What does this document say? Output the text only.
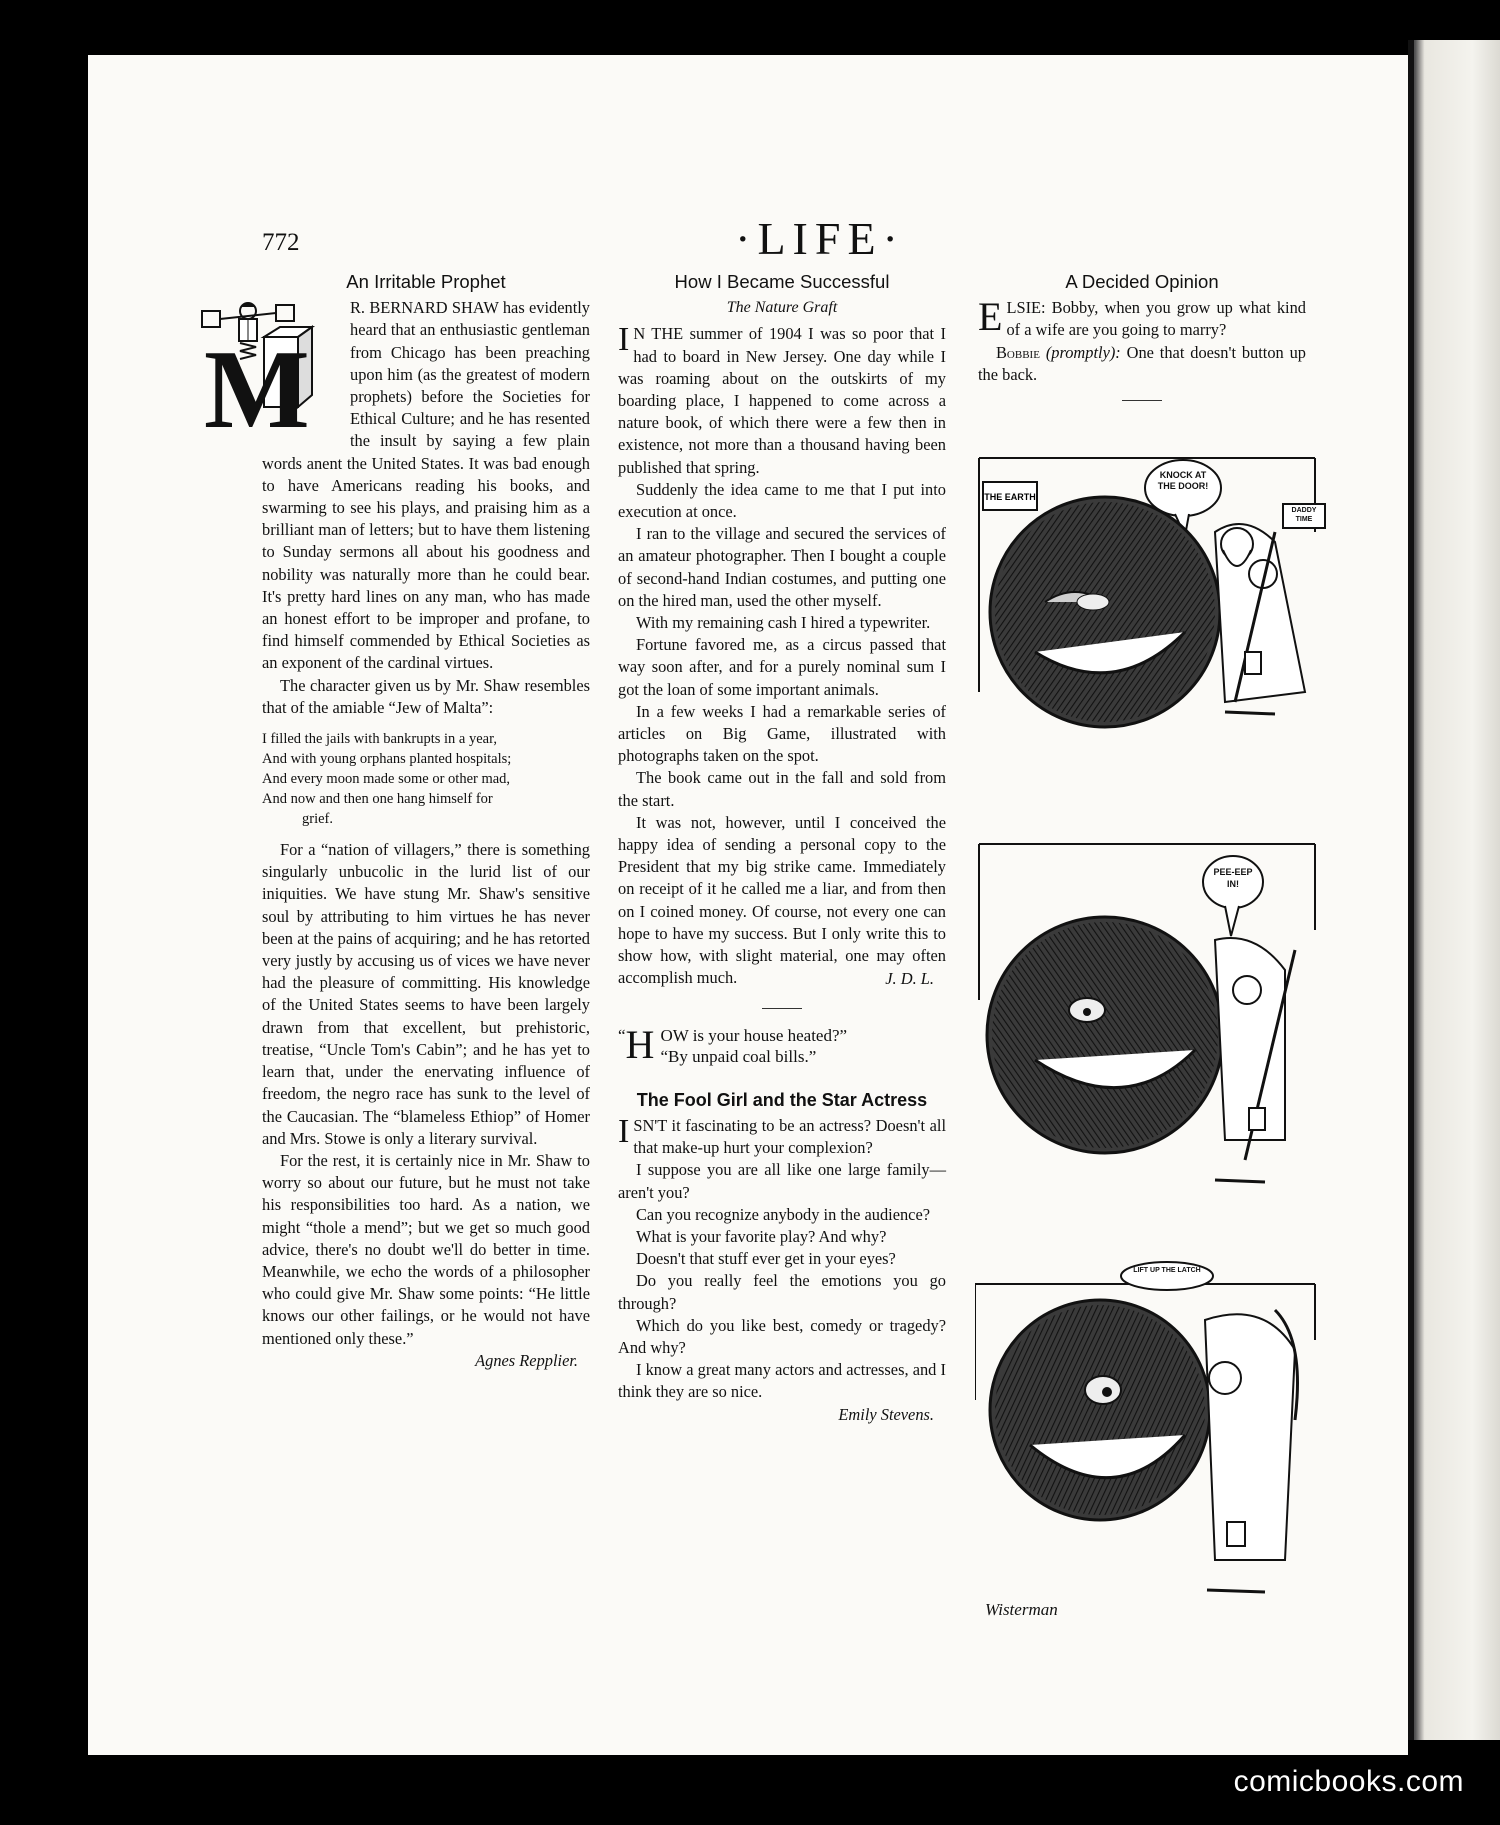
772	·LIFE·
An Irritable Prophet
M

R. BERNARD SHAW has evidently heard that an enthusiastic gentleman from Chicago has been preaching upon him (as the greatest of modern prophets) before the Societies for Ethical Culture; and he has resented the insult by saying a few plain words anent the United States. It was bad enough to have Americans reading his books, and swarming to see his plays, and praising him as a brilliant man of letters; but to have them listening to Sunday sermons all about his goodness and nobility was naturally more than he could bear. It's pretty hard lines on any man, who has made an honest effort to be improper and profane, to find himself commended by Ethical Societies as an exponent of the cardinal virtues.

The character given us by Mr. Shaw resembles that of the amiable “Jew of Malta”:

I filled the jails with bankrupts in a year,
And with young orphans planted hospitals;
And every moon made some or other mad,
And now and then one hang himself for
grief.

For a “nation of villagers,” there is something singularly unbucolic in the lurid list of our iniquities. We have stung Mr. Shaw's sensitive soul by attributing to him virtues he has never been at the pains of acquiring; and he has retorted very justly by accusing us of vices we have never had the pleasure of committing. His knowledge of the United States seems to have been largely drawn from that excellent, but prehistoric, treatise, “Uncle Tom's Cabin”; and he has yet to learn that, under the enervating influence of freedom, the negro race has sunk to the level of the Caucasian. The “blameless Ethiop” of Homer and Mrs. Stowe is only a literary survival.

For the rest, it is certainly nice in Mr. Shaw to worry so about our future, but he must not take his responsibilities too hard. As a nation, we might “thole a mend”; but we get so much good advice, there's no doubt we'll do better in time. Meanwhile, we echo the words of a philosopher who could give Mr. Shaw some points: “He little knows our other failings, or he would not have mentioned only these.”

Agnes Repplier.

How I Became Successful
The Nature Graft
I N THE summer of 1904 I was so poor that I had to board in New Jersey. One day while I was roaming about on the outskirts of my boarding place, I happened to come across a nature book, of which there were a few then in existence, not more than a thousand having been published that spring.

Suddenly the idea came to me that I put into execution at once.

I ran to the village and secured the services of an amateur photographer. Then I bought a couple of second-hand Indian costumes, and putting one on the hired man, used the other myself.

With my remaining cash I hired a typewriter.

Fortune favored me, as a circus passed that way soon after, and for a purely nominal sum I got the loan of some important animals.

In a few weeks I had a remarkable series of articles on Big Game, illustrated with photographs taken on the spot.

The book came out in the fall and sold from the start.

It was not, however, until I conceived the happy idea of sending a personal copy to the President that my big strike came. Immediately on receipt of it he called me a liar, and from then on I coined money. Of course, not every one can hope to have my success. But I only write this to show how, with slight material, one may often accomplish much.	J. D. L.

“ H OW is your house heated?”
“By unpaid coal bills.”
The Fool Girl and the Star Actress
I SN'T it fascinating to be an actress? Doesn't all that make-up hurt your complexion?

I suppose you are all like one large family—aren't you?

Can you recognize anybody in the audience?

What is your favorite play? And why?

Doesn't that stuff ever get in your eyes?

Do you really feel the emotions you go through?

Which do you like best, comedy or tragedy? And why?

I know a great many actors and actresses, and I think they are so nice.

Emily Stevens.

A Decided Opinion
E LSIE: Bobby, when you grow up what kind of a wife are you going to marry?

Bobbie (promptly): One that doesn't button up the back.

THE EARTH
KNOCK AT THE DOOR!
DADDY TIME
PEE-EEP IN!
LIFT UP THE LATCH
Wisterman
comicbooks.com
